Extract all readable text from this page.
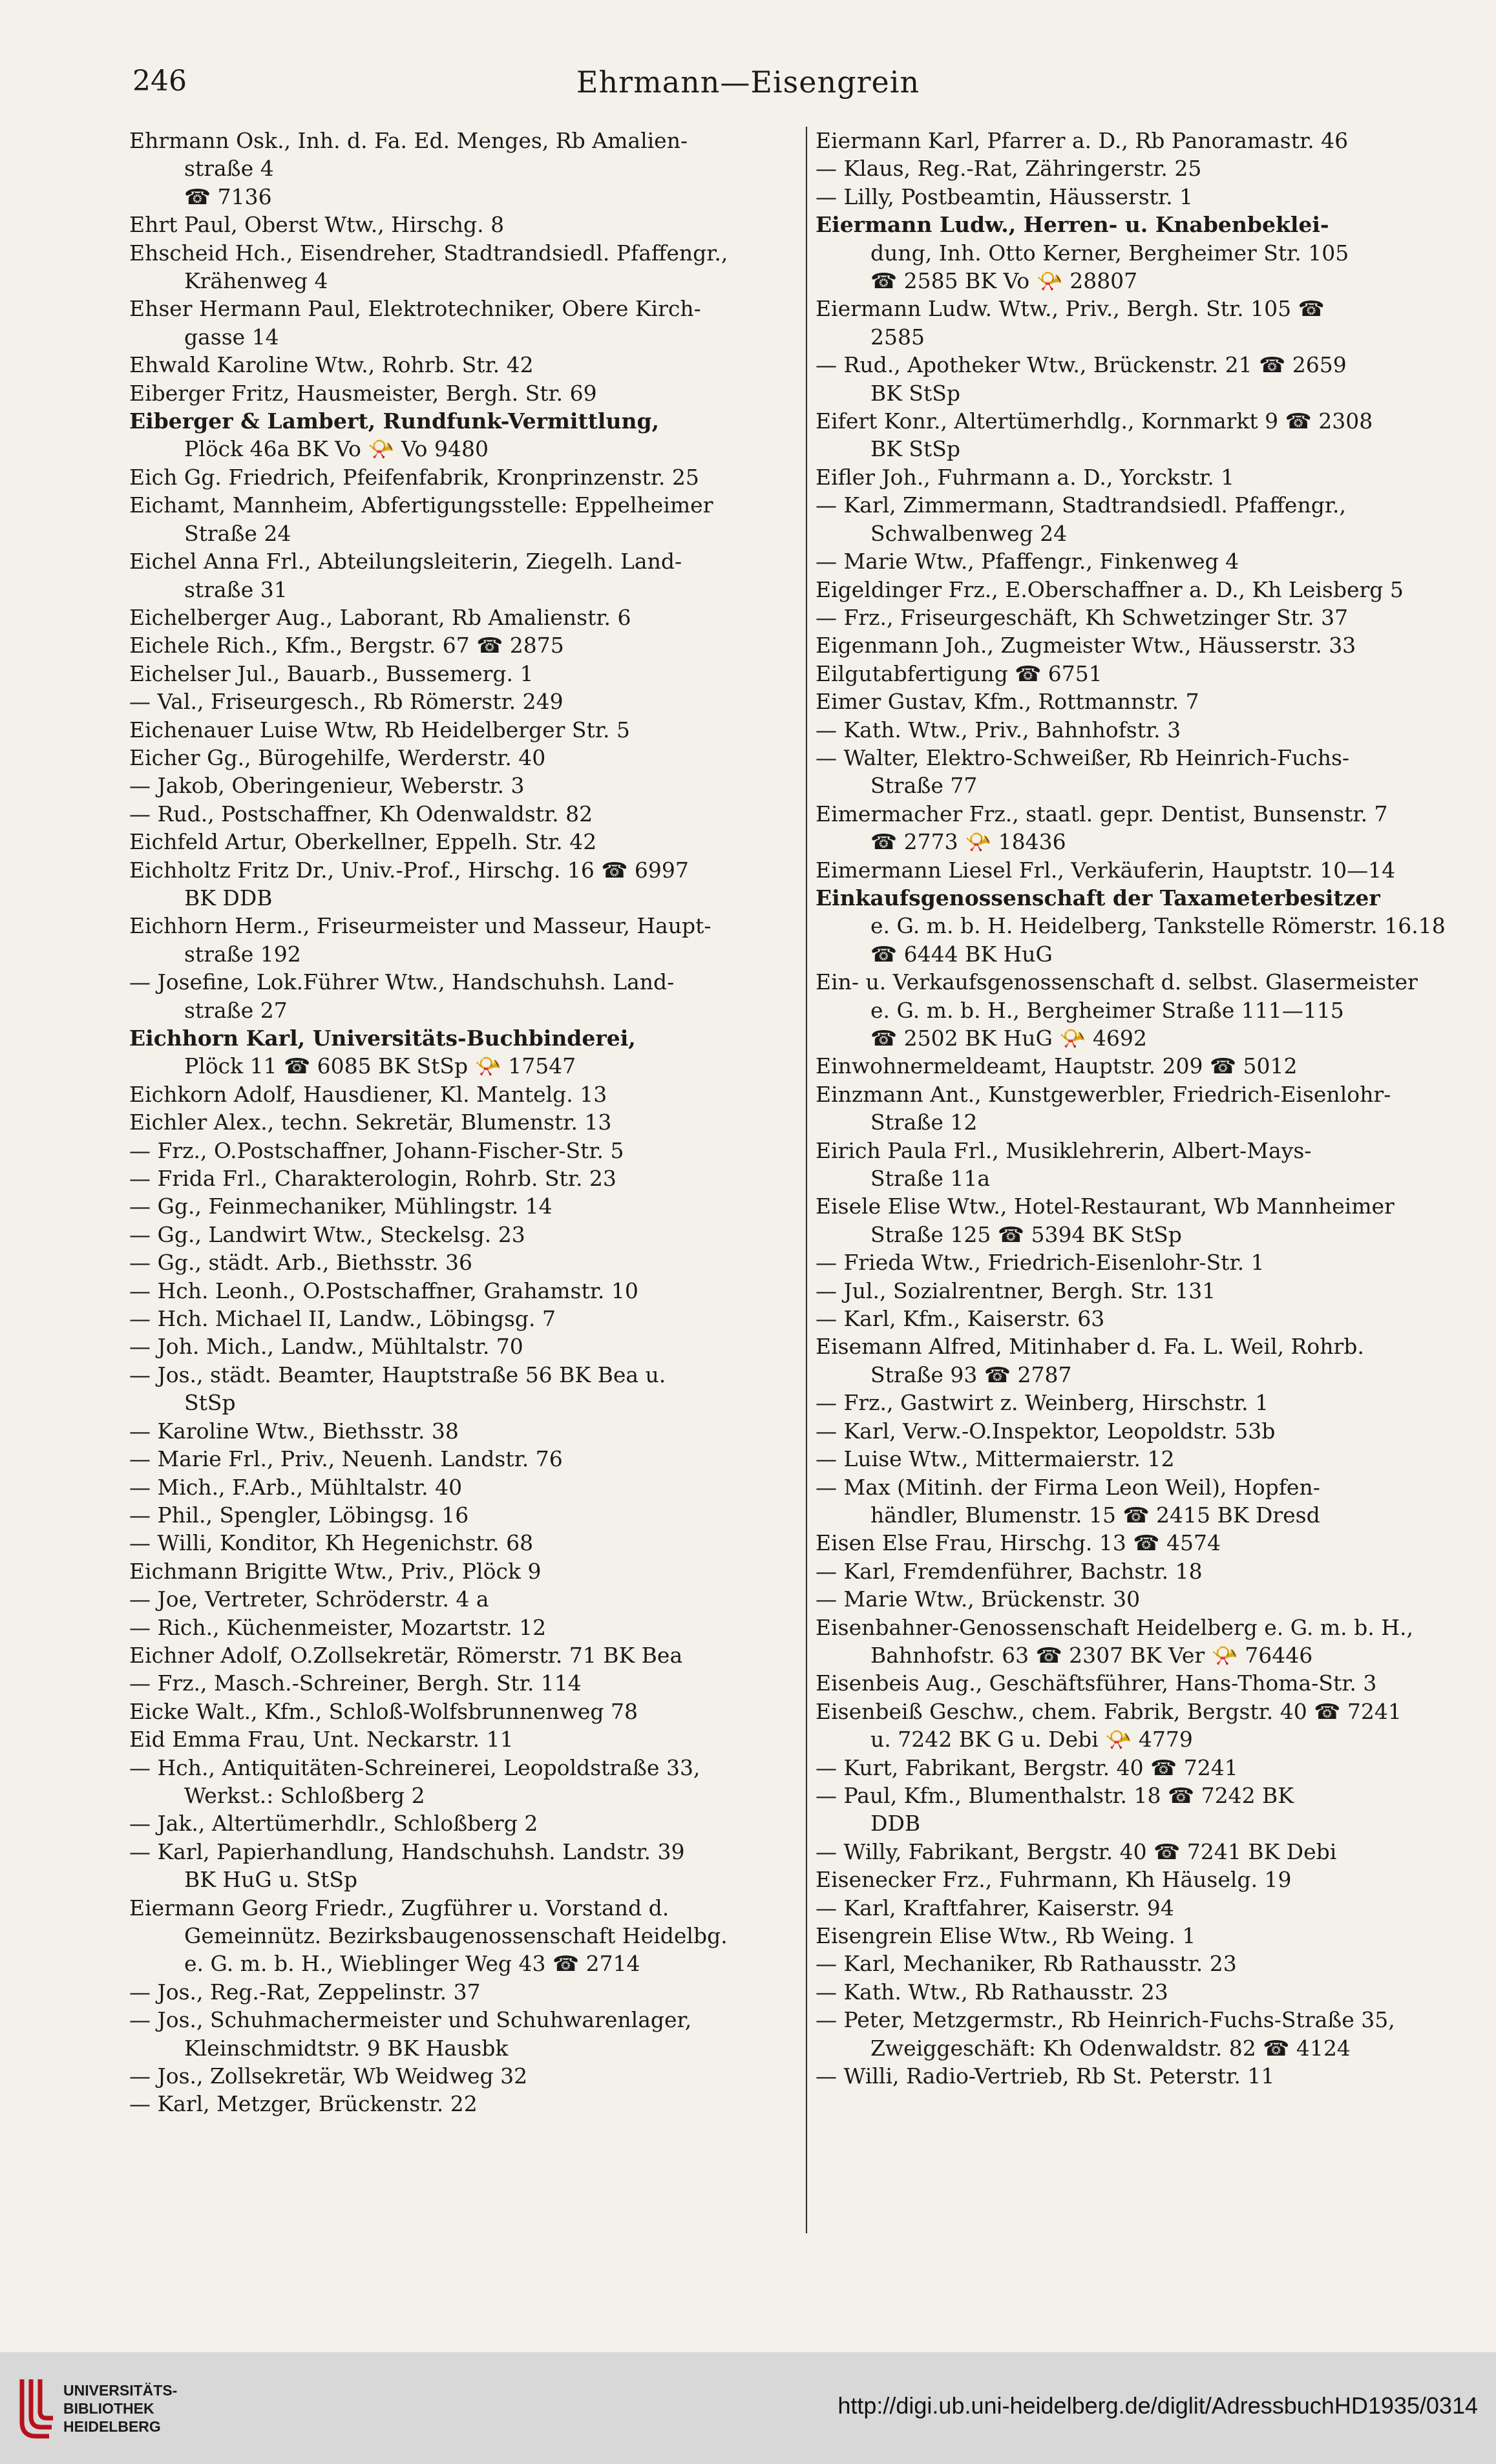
246	Ehrmann—Eisengrein

Ehrmann Osk., Inh. d. Fa. Ed. Menges, Rb Amalien-

straße 4

☎ 7136

Ehrt Paul, Oberst Wtw., Hirschg. 8

Ehscheid Hch., Eisendreher, Stadtrandsiedl. Pfaffengr.,

Krähenweg 4

Ehser Hermann Paul, Elektrotechniker, Obere Kirch-

gasse 14

Ehwald Karoline Wtw., Rohrb. Str. 42

Eiberger Fritz, Hausmeister, Bergh. Str. 69

Eiberger & Lambert, Rundfunk-Vermittlung,

Plöck 46a BK Vo 📯 Vo 9480

Eich Gg. Friedrich, Pfeifenfabrik, Kronprinzenstr. 25

Eichamt, Mannheim, Abfertigungsstelle: Eppelheimer

Straße 24

Eichel Anna Frl., Abteilungsleiterin, Ziegelh. Land-

straße 31

Eichelberger Aug., Laborant, Rb Amalienstr. 6

Eichele Rich., Kfm., Bergstr. 67 ☎ 2875

Eichelser Jul., Bauarb., Bussemerg. 1

— Val., Friseurgesch., Rb Römerstr. 249

Eichenauer Luise Wtw, Rb Heidelberger Str. 5

Eicher Gg., Bürogehilfe, Werderstr. 40

— Jakob, Oberingenieur, Weberstr. 3

— Rud., Postschaffner, Kh Odenwaldstr. 82

Eichfeld Artur, Oberkellner, Eppelh. Str. 42

Eichholtz Fritz Dr., Univ.-Prof., Hirschg. 16 ☎ 6997

BK DDB

Eichhorn Herm., Friseurmeister und Masseur, Haupt-

straße 192

— Josefine, Lok.Führer Wtw., Handschuhsh. Land-

straße 27

Eichhorn Karl, Universitäts-Buchbinderei,

Plöck 11 ☎ 6085 BK StSp 📯 17547

Eichkorn Adolf, Hausdiener, Kl. Mantelg. 13

Eichler Alex., techn. Sekretär, Blumenstr. 13

— Frz., O.Postschaffner, Johann-Fischer-Str. 5

— Frida Frl., Charakterologin, Rohrb. Str. 23

— Gg., Feinmechaniker, Mühlingstr. 14

— Gg., Landwirt Wtw., Steckelsg. 23

— Gg., städt. Arb., Biethsstr. 36

— Hch. Leonh., O.Postschaffner, Grahamstr. 10

— Hch. Michael II, Landw., Löbingsg. 7

— Joh. Mich., Landw., Mühltalstr. 70

— Jos., städt. Beamter, Hauptstraße 56 BK Bea u.

StSp

— Karoline Wtw., Biethsstr. 38

— Marie Frl., Priv., Neuenh. Landstr. 76

— Mich., F.Arb., Mühltalstr. 40

— Phil., Spengler, Löbingsg. 16

— Willi, Konditor, Kh Hegenichstr. 68

Eichmann Brigitte Wtw., Priv., Plöck 9

— Joe, Vertreter, Schröderstr. 4 a

— Rich., Küchenmeister, Mozartstr. 12

Eichner Adolf, O.Zollsekretär, Römerstr. 71 BK Bea

— Frz., Masch.-Schreiner, Bergh. Str. 114

Eicke Walt., Kfm., Schloß-Wolfsbrunnenweg 78

Eid Emma Frau, Unt. Neckarstr. 11

— Hch., Antiquitäten-Schreinerei, Leopoldstraße 33,

Werkst.: Schloßberg 2

— Jak., Altertümerhdlr., Schloßberg 2

— Karl, Papierhandlung, Handschuhsh. Landstr. 39

BK HuG u. StSp

Eiermann Georg Friedr., Zugführer u. Vorstand d.

Gemeinnütz. Bezirksbaugenossenschaft Heidelbg.

e. G. m. b. H., Wieblinger Weg 43 ☎ 2714

— Jos., Reg.-Rat, Zeppelinstr. 37

— Jos., Schuhmachermeister und Schuhwarenlager,

Kleinschmidtstr. 9 BK Hausbk

— Jos., Zollsekretär, Wb Weidweg 32

— Karl, Metzger, Brückenstr. 22

Eiermann Karl, Pfarrer a. D., Rb Panoramastr. 46

— Klaus, Reg.-Rat, Zähringerstr. 25

— Lilly, Postbeamtin, Häusserstr. 1

Eiermann Ludw., Herren- u. Knabenbeklei-

dung, Inh. Otto Kerner, Bergheimer Str. 105

☎ 2585 BK Vo 📯 28807

Eiermann Ludw. Wtw., Priv., Bergh. Str. 105 ☎

2585

— Rud., Apotheker Wtw., Brückenstr. 21 ☎ 2659

BK StSp

Eifert Konr., Altertümerhdlg., Kornmarkt 9 ☎ 2308

BK StSp

Eifler Joh., Fuhrmann a. D., Yorckstr. 1

— Karl, Zimmermann, Stadtrandsiedl. Pfaffengr.,

Schwalbenweg 24

— Marie Wtw., Pfaffengr., Finkenweg 4

Eigeldinger Frz., E.Oberschaffner a. D., Kh Leisberg 5

— Frz., Friseurgeschäft, Kh Schwetzinger Str. 37

Eigenmann Joh., Zugmeister Wtw., Häusserstr. 33

Eilgutabfertigung ☎ 6751

Eimer Gustav, Kfm., Rottmannstr. 7

— Kath. Wtw., Priv., Bahnhofstr. 3

— Walter, Elektro-Schweißer, Rb Heinrich-Fuchs-

Straße 77

Eimermacher Frz., staatl. gepr. Dentist, Bunsenstr. 7

☎ 2773 📯 18436

Eimermann Liesel Frl., Verkäuferin, Hauptstr. 10—14

Einkaufsgenossenschaft der Taxameterbesitzer

e. G. m. b. H. Heidelberg, Tankstelle Römerstr. 16.18

☎ 6444 BK HuG

Ein- u. Verkaufsgenossenschaft d. selbst. Glasermeister

e. G. m. b. H., Bergheimer Straße 111—115

☎ 2502 BK HuG 📯 4692

Einwohnermeldeamt, Hauptstr. 209 ☎ 5012

Einzmann Ant., Kunstgewerbler, Friedrich-Eisenlohr-

Straße 12

Eirich Paula Frl., Musiklehrerin, Albert-Mays-

Straße 11a

Eisele Elise Wtw., Hotel-Restaurant, Wb Mannheimer

Straße 125 ☎ 5394 BK StSp

— Frieda Wtw., Friedrich-Eisenlohr-Str. 1

— Jul., Sozialrentner, Bergh. Str. 131

— Karl, Kfm., Kaiserstr. 63

Eisemann Alfred, Mitinhaber d. Fa. L. Weil, Rohrb.

Straße 93 ☎ 2787

— Frz., Gastwirt z. Weinberg, Hirschstr. 1

— Karl, Verw.-O.Inspektor, Leopoldstr. 53b

— Luise Wtw., Mittermaierstr. 12

— Max (Mitinh. der Firma Leon Weil), Hopfen-

händler, Blumenstr. 15 ☎ 2415 BK Dresd

Eisen Else Frau, Hirschg. 13 ☎ 4574

— Karl, Fremdenführer, Bachstr. 18

— Marie Wtw., Brückenstr. 30

Eisenbahner-Genossenschaft Heidelberg e. G. m. b. H.,

Bahnhofstr. 63 ☎ 2307 BK Ver 📯 76446

Eisenbeis Aug., Geschäftsführer, Hans-Thoma-Str. 3

Eisenbeiß Geschw., chem. Fabrik, Bergstr. 40 ☎ 7241

u. 7242 BK G u. Debi 📯 4779

— Kurt, Fabrikant, Bergstr. 40 ☎ 7241

— Paul, Kfm., Blumenthalstr. 18 ☎ 7242 BK

DDB

— Willy, Fabrikant, Bergstr. 40 ☎ 7241 BK Debi

Eisenecker Frz., Fuhrmann, Kh Häuselg. 19

— Karl, Kraftfahrer, Kaiserstr. 94

Eisengrein Elise Wtw., Rb Weing. 1

— Karl, Mechaniker, Rb Rathausstr. 23

— Kath. Wtw., Rb Rathausstr. 23

— Peter, Metzgermstr., Rb Heinrich-Fuchs-Straße 35,

Zweiggeschäft: Kh Odenwaldstr. 82 ☎ 4124

— Willi, Radio-Vertrieb, Rb St. Peterstr. 11

UNIVERSITÄTS-
BIBLIOTHEK
HEIDELBERG
http://digi.ub.uni-heidelberg.de/diglit/AdressbuchHD1935/0314
